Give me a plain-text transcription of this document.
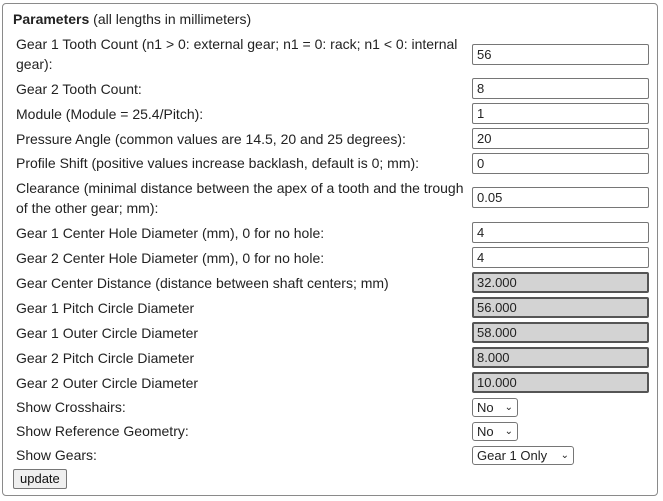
Parameters (all lengths in millimeters)
Gear 1 Tooth Count (n1 > 0: external gear; n1 = 0: rack; n1 < 0: internal gear):
56
Gear 2 Tooth Count:
8
Module (Module = 25.4/Pitch):
1
Pressure Angle (common values are 14.5, 20 and 25 degrees):
20
Profile Shift (positive values increase backlash, default is 0; mm):
0
Clearance (minimal distance between the apex of a tooth and the trough of the other gear; mm):
0.05
Gear 1 Center Hole Diameter (mm), 0 for no hole:
4
Gear 2 Center Hole Diameter (mm), 0 for no hole:
4
Gear Center Distance (distance between shaft centers; mm)
32.000
Gear 1 Pitch Circle Diameter
56.000
Gear 1 Outer Circle Diameter
58.000
Gear 2 Pitch Circle Diameter
8.000
Gear 2 Outer Circle Diameter
10.000
Show Crosshairs:	No ⌄
Show Reference Geometry:	No ⌄
Show Gears:	Gear 1 Only ⌄
update
